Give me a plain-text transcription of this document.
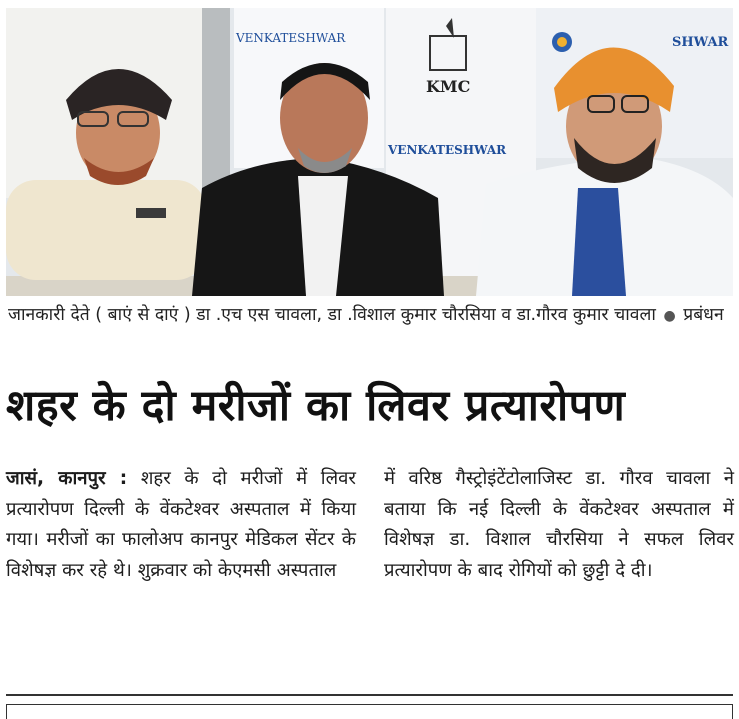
VENKATESHWAR
KMC
VENKATESHWAR
SHWAR
जानकारी देते ( बाएं से दाएं ) डा .एच एस चावला, डा .विशाल कुमार चौरसिया व डा.गौरव कुमार चावला ● प्रबंधन
शहर के दो मरीजों का लिवर प्रत्यारोपण
जासं, कानपुर : शहर के दो मरीजों में लिवर प्रत्यारोपण दिल्ली के वेंकटेश्वर अस्पताल में किया गया। मरीजों का फालोअप कानपुर मेडिकल सेंटर के विशेषज्ञ कर रहे थे। शुक्रवार को केएमसी अस्पताल
में वरिष्ठ गैस्ट्रोइंटेंटोलाजिस्ट डा. गौरव चावला ने बताया कि नई दिल्ली के वेंकटेश्वर अस्पताल में विशेषज्ञ डा. विशाल चौरसिया ने सफल लिवर प्रत्यारोपण के बाद रोगियों को छुट्टी दे दी।
